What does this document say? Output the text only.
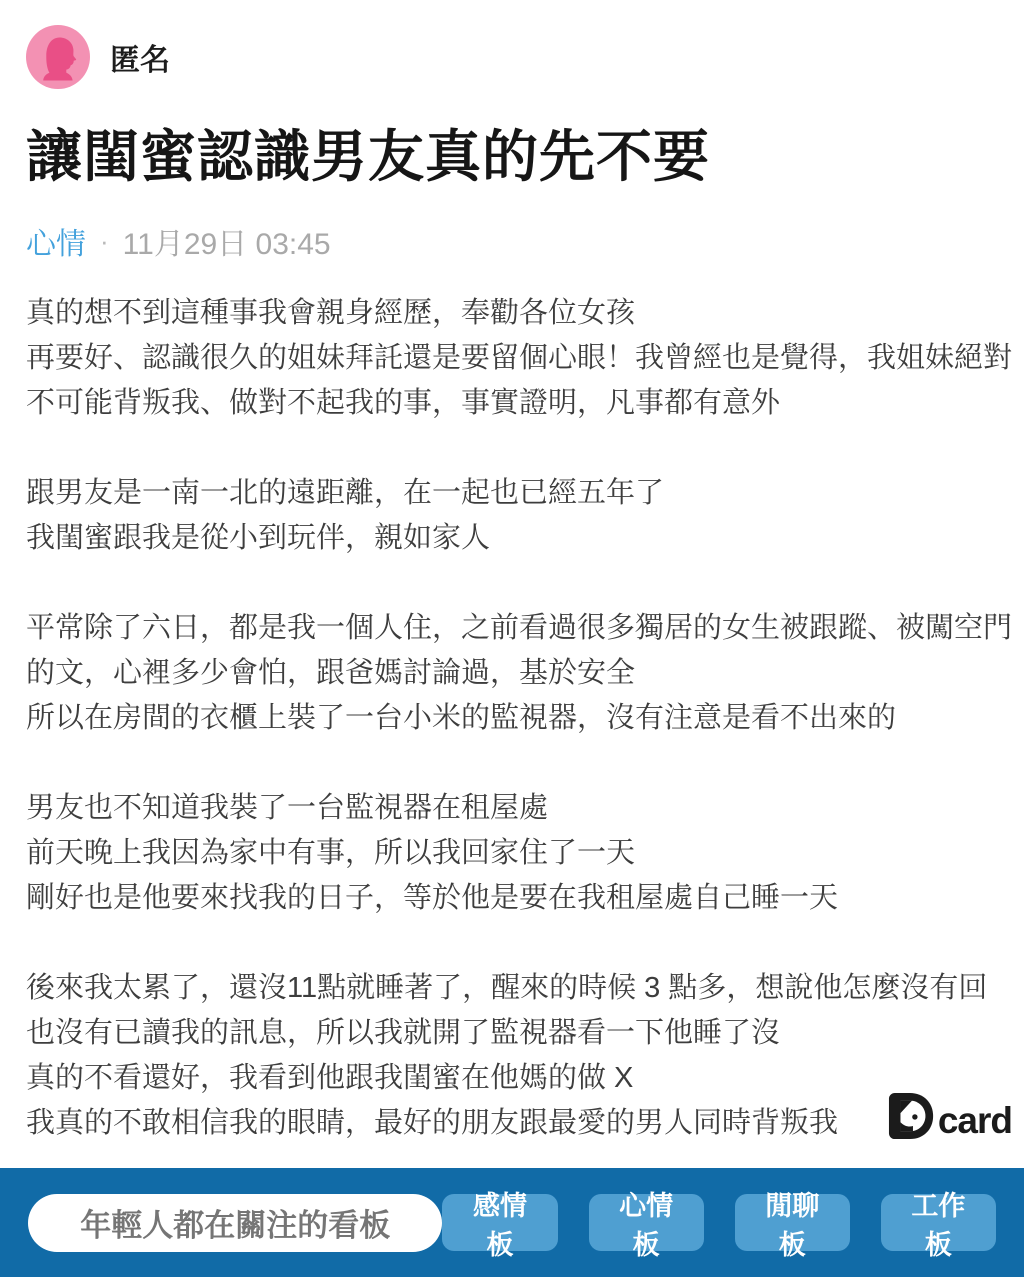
匿名
讓閨蜜認識男友真的先不要
心情 · 11月29日 03:45
真的想不到這種事我會親身經歷，奉勸各位女孩
再要好、認識很久的姐妹拜託還是要留個心眼！我曾經也是覺得，我姐妹絕對
不可能背叛我、做對不起我的事，事實證明，凡事都有意外
跟男友是一南一北的遠距離，在一起也已經五年了
我閨蜜跟我是從小到玩伴，親如家人
平常除了六日，都是我一個人住，之前看過很多獨居的女生被跟蹤、被闖空門
的文，心裡多少會怕，跟爸媽討論過，基於安全
所以在房間的衣櫃上裝了一台小米的監視器，沒有注意是看不出來的
男友也不知道我裝了一台監視器在租屋處
前天晚上我因為家中有事，所以我回家住了一天
剛好也是他要來找我的日子，等於他是要在我租屋處自己睡一天
後來我太累了，還沒11點就睡著了，醒來的時候 3 點多，想說他怎麼沒有回
也沒有已讀我的訊息，所以我就開了監視器看一下他睡了沒
真的不看還好，我看到他跟我閨蜜在他媽的做 X
我真的不敢相信我的眼睛，最好的朋友跟最愛的男人同時背叛我	card
年輕人都在關注的看板
感情板
心情板
閒聊板
工作板
